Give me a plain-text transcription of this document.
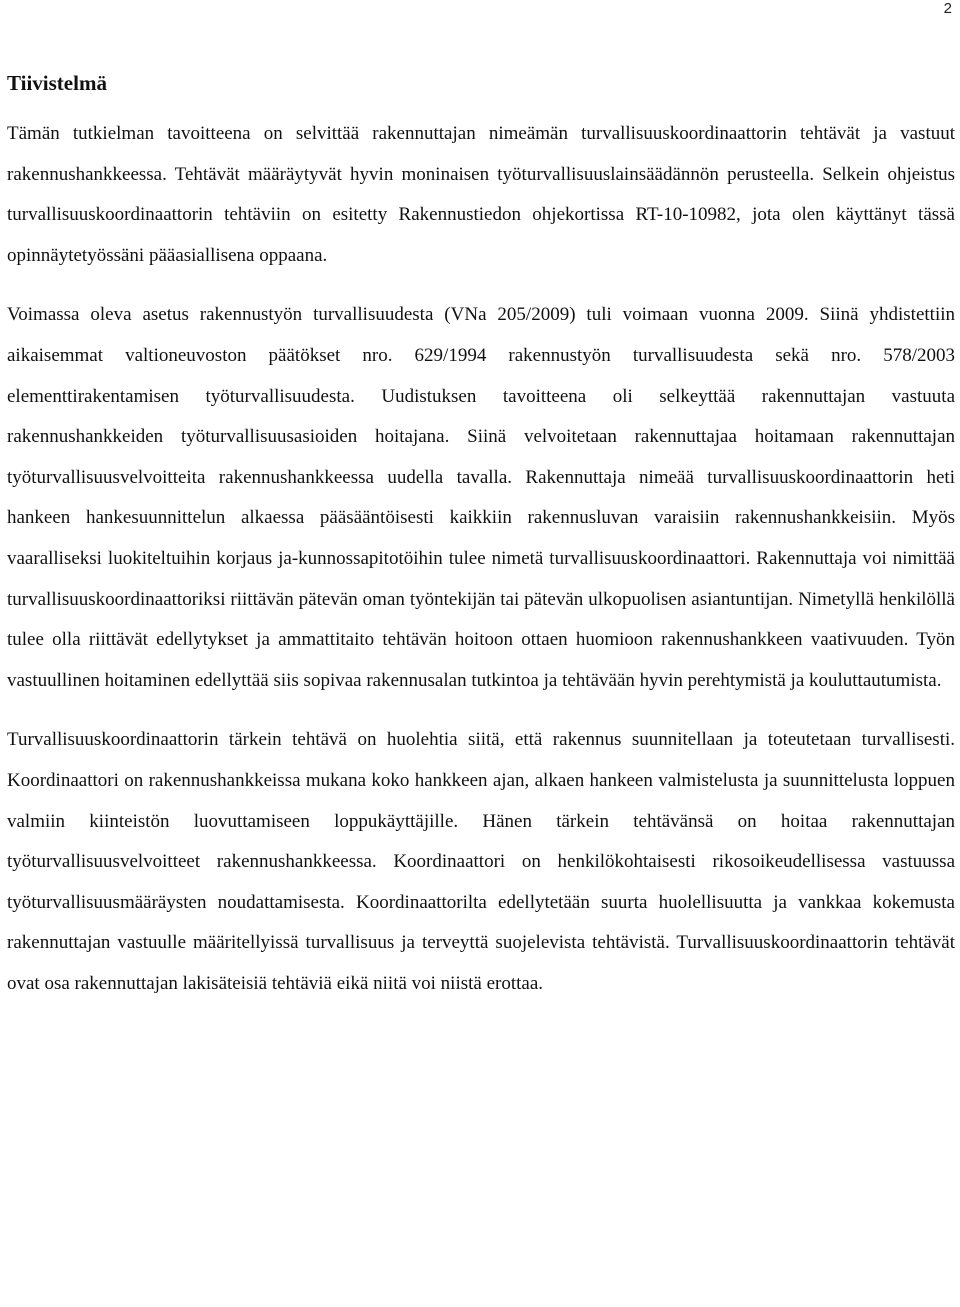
2
Tiivistelmä

Tämän tutkielman tavoitteena on selvittää rakennuttajan nimeämän turvallisuuskoordinaattorin tehtävät ja vastuut rakennushankkeessa. Tehtävät määräytyvät hyvin moninaisen työturvallisuuslainsäädännön perusteella. Selkein ohjeistus turvallisuuskoordinaattorin tehtäviin on esitetty Rakennustiedon ohjekortissa RT-10-10982, jota olen käyttänyt tässä opinnäytetyössäni pääasiallisena oppaana.

Voimassa oleva asetus rakennustyön turvallisuudesta (VNa 205/2009) tuli voimaan vuonna 2009. Siinä yhdistettiin aikaisemmat valtioneuvoston päätökset nro. 629/1994 rakennustyön turvallisuudesta sekä nro. 578/2003 elementtirakentamisen työturvallisuudesta. Uudistuksen tavoitteena oli selkeyttää rakennuttajan vastuuta rakennushankkeiden työturvallisuusasioiden hoitajana. Siinä velvoitetaan rakennuttajaa hoitamaan rakennuttajan työturvallisuusvelvoitteita rakennushankkeessa uudella tavalla. Rakennuttaja nimeää turvallisuuskoordinaattorin heti hankeen hankesuunnittelun alkaessa pääsääntöisesti kaikkiin rakennusluvan varaisiin rakennushankkeisiin. Myös vaaralliseksi luokiteltuihin korjaus ja-kunnossapitotöihin tulee nimetä turvallisuuskoordinaattori. Rakennuttaja voi nimittää turvallisuuskoordinaattoriksi riittävän pätevän oman työntekijän tai pätevän ulkopuolisen asiantuntijan. Nimetyllä henkilöllä tulee olla riittävät edellytykset ja ammattitaito tehtävän hoitoon ottaen huomioon rakennushankkeen vaativuuden. Työn vastuullinen hoitaminen edellyttää siis sopivaa rakennusalan tutkintoa ja tehtävään hyvin perehtymistä ja kouluttautumista.

Turvallisuuskoordinaattorin tärkein tehtävä on huolehtia siitä, että rakennus suunnitellaan ja toteutetaan turvallisesti. Koordinaattori on rakennushankkeissa mukana koko hankkeen ajan, alkaen hankeen valmistelusta ja suunnittelusta loppuen valmiin kiinteistön luovuttamiseen loppukäyttäjille. Hänen tärkein tehtävänsä on hoitaa rakennuttajan työturvallisuusvelvoitteet rakennushankkeessa. Koordinaattori on henkilökohtaisesti rikosoikeudellisessa vastuussa työturvallisuusmääräysten noudattamisesta. Koordinaattorilta edellytetään suurta huolellisuutta ja vankkaa kokemusta rakennuttajan vastuulle määritellyissä turvallisuus ja terveyttä suojelevista tehtävistä. Turvallisuuskoordinaattorin tehtävät ovat osa rakennuttajan lakisäteisiä tehtäviä eikä niitä voi niistä erottaa.
